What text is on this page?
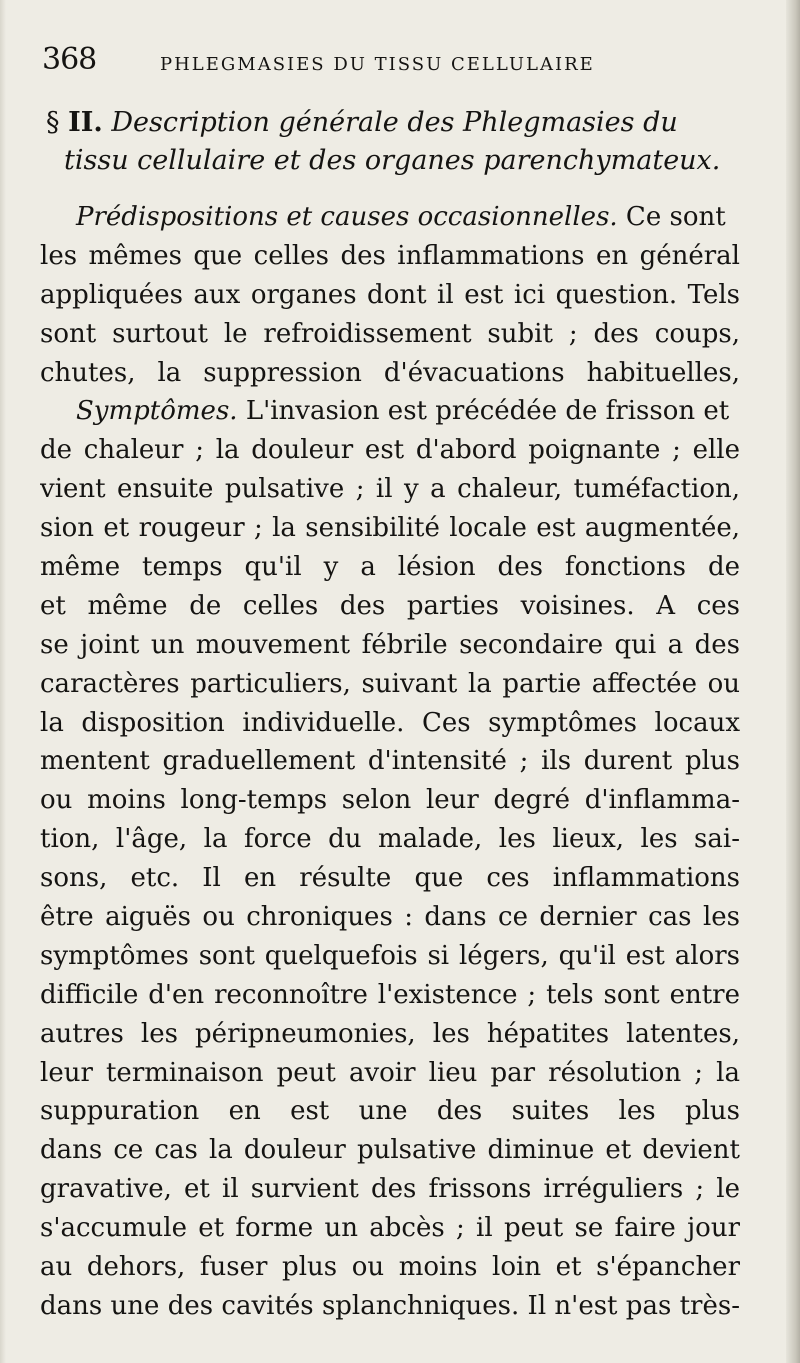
368	PHLEGMASIES DU TISSU CELLULAIRE
§ II. Description générale des Phlegmasies du
tissu cellulaire et des organes parenchymateux.
Prédispositions et causes occasionnelles. Ce sont
les mêmes que celles des inflammations en général
appliquées aux organes dont il est ici question. Tels
sont surtout le refroidissement subit ; des coups,
chutes, la suppression d'évacuations habituelles,
Symptômes. L'invasion est précédée de frisson et
de chaleur ; la douleur est d'abord poignante ; elle
vient ensuite pulsative ; il y a chaleur, tuméfaction,
sion et rougeur ; la sensibilité locale est augmentée,
même temps qu'il y a lésion des fonctions de
et même de celles des parties voisines. A ces
se joint un mouvement fébrile secondaire qui a des
caractères particuliers, suivant la partie affectée ou
la disposition individuelle. Ces symptômes locaux
mentent graduellement d'intensité ; ils durent plus
ou moins long-temps selon leur degré d'inflamma-
tion, l'âge, la force du malade, les lieux, les sai-
sons, etc. Il en résulte que ces inflammations
être aiguës ou chroniques : dans ce dernier cas les
symptômes sont quelquefois si légers, qu'il est alors
difficile d'en reconnoître l'existence ; tels sont entre
autres les péripneumonies, les hépatites latentes,
leur terminaison peut avoir lieu par résolution ; la
suppuration en est une des suites les plus
dans ce cas la douleur pulsative diminue et devient
gravative, et il survient des frissons irréguliers ; le
s'accumule et forme un abcès ; il peut se faire jour
au dehors, fuser plus ou moins loin et s'épancher
dans une des cavités splanchniques. Il n'est pas très-
